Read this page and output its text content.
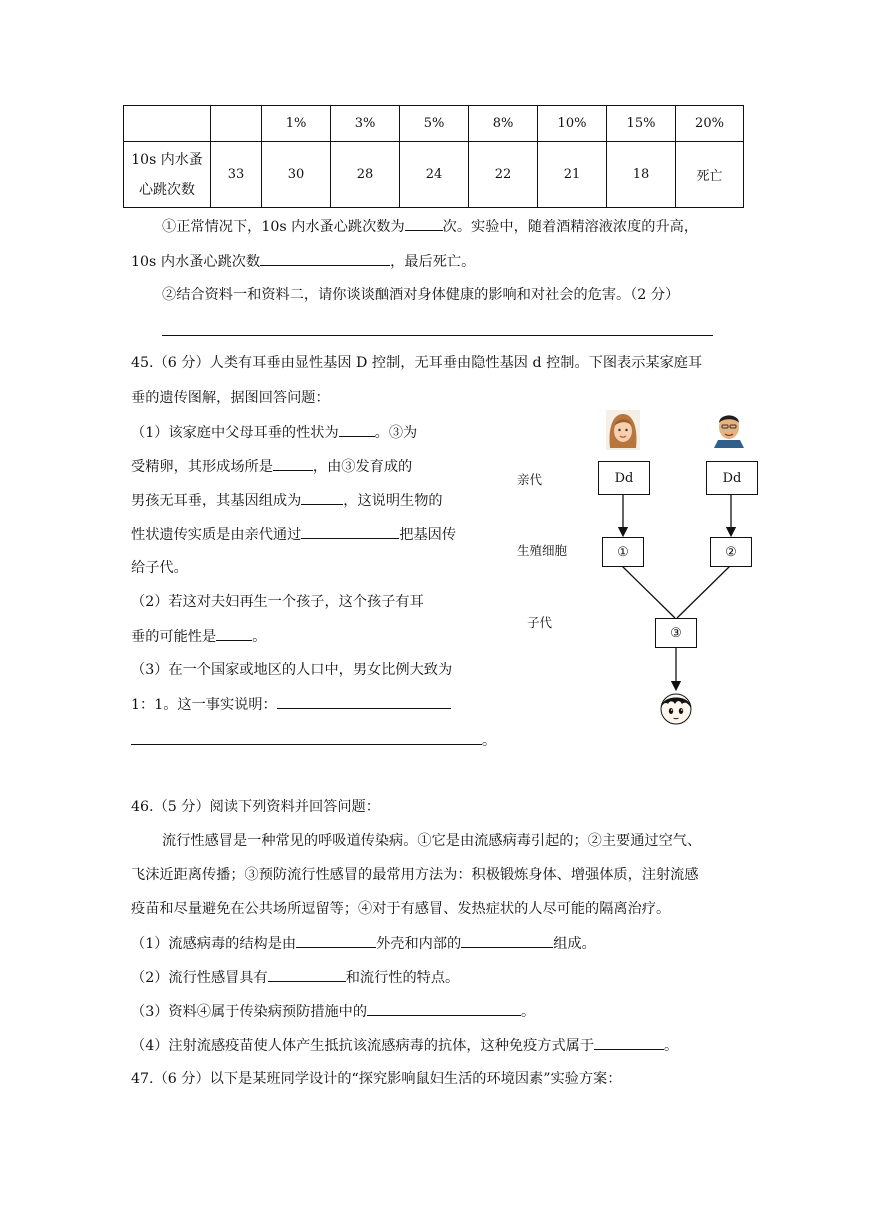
		1%	3%	5%	8%	10%	15%	20%

10s 内水蚤
心跳次数	33	30	28	24	22	21	18	死亡
①正常情况下，10s 内水蚤心跳次数为	次。实验中，随着酒精溶液浓度的升高，
10s 内水蚤心跳次数	，最后死亡。
②结合资料一和资料二，请你谈谈酗酒对身体健康的影响和对社会的危害。（2 分）
45.（6 分）人类有耳垂由显性基因 D 控制，无耳垂由隐性基因 d 控制。下图表示某家庭耳
垂的遗传图解，据图回答问题：
（1）该家庭中父母耳垂的性状为	。③为
受精卵，其形成场所是	，由③发育成的
男孩无耳垂，其基因组成为	，这说明生物的
性状遗传实质是由亲代通过	把基因传
给子代。
（2）若这对夫妇再生一个孩子，这个孩子有耳
垂的可能性是	。
（3）在一个国家或地区的人口中，男女比例大致为
1：1。这一事实说明：
。
亲代
生殖细胞
子代
Dd	Dd
①	②
③
46.（5 分）阅读下列资料并回答问题：
流行性感冒是一种常见的呼吸道传染病。①它是由流感病毒引起的；②主要通过空气、
飞沫近距离传播；③预防流行性感冒的最常用方法为：积极锻炼身体、增强体质，注射流感
疫苗和尽量避免在公共场所逗留等；④对于有感冒、发热症状的人尽可能的隔离治疗。
（1）流感病毒的结构是由	外壳和内部的	组成。
（2）流行性感冒具有	和流行性的特点。
（3）资料④属于传染病预防措施中的	。
（4）注射流感疫苗使人体产生抵抗该流感病毒的抗体，这种免疫方式属于	。
47.（6 分）以下是某班同学设计的“探究影响鼠妇生活的环境因素”实验方案：
